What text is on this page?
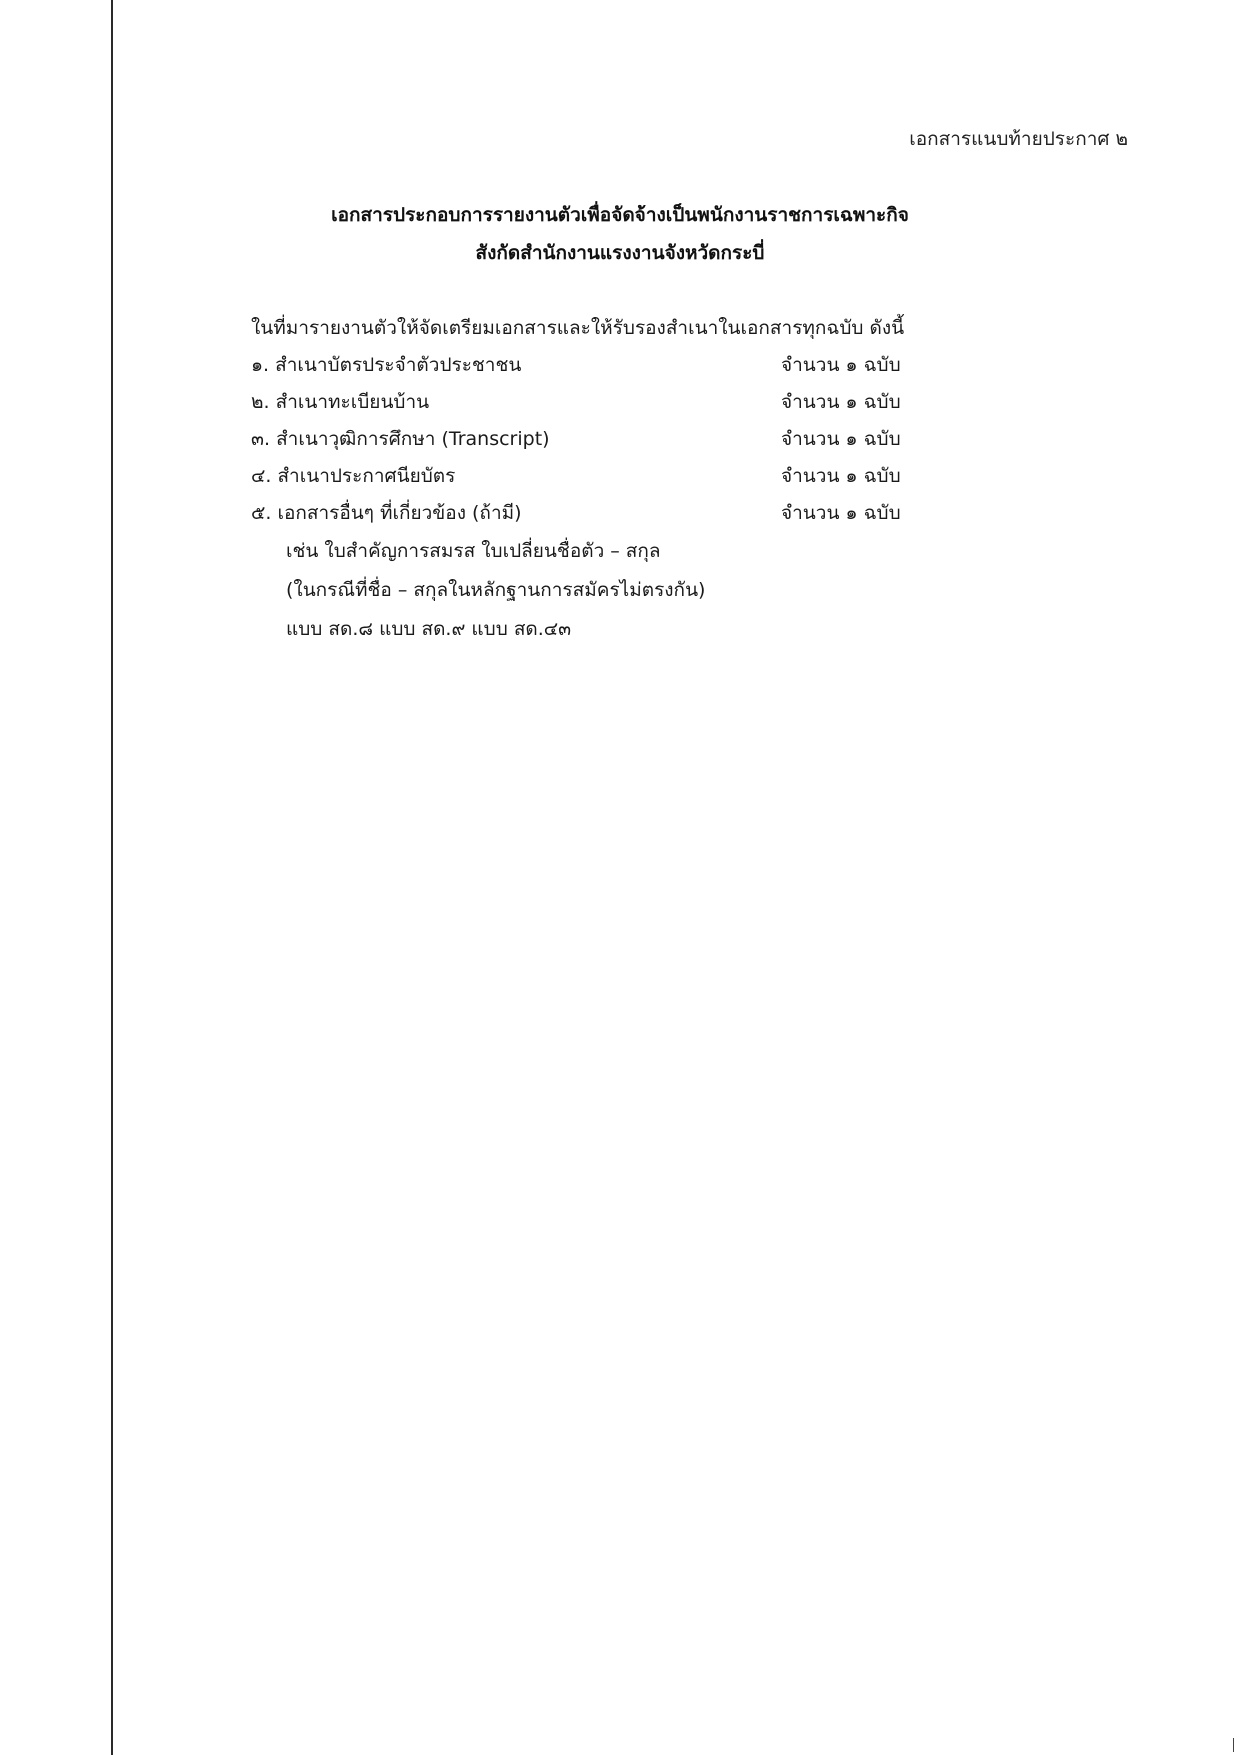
เอกสารแนบท้ายประกาศ ๒
เอกสารประกอบการรายงานตัวเพื่อจัดจ้างเป็นพนักงานราชการเฉพาะกิจ
สังกัดสำนักงานแรงงานจังหวัดกระบี่
ในที่มารายงานตัวให้จัดเตรียมเอกสารและให้รับรองสำเนาในเอกสารทุกฉบับ ดังนี้
๑. สำเนาบัตรประจำตัวประชาชน	จำนวน ๑ ฉบับ
๒. สำเนาทะเบียนบ้าน	จำนวน ๑ ฉบับ
๓. สำเนาวุฒิการศึกษา (Transcript)	จำนวน ๑ ฉบับ
๔. สำเนาประกาศนียบัตร	จำนวน ๑ ฉบับ
๕. เอกสารอื่นๆ ที่เกี่ยวข้อง (ถ้ามี)	จำนวน ๑ ฉบับ
เช่น ใบสำคัญการสมรส ใบเปลี่ยนชื่อตัว – สกุล
(ในกรณีที่ชื่อ – สกุลในหลักฐานการสมัครไม่ตรงกัน)
แบบ สด.๘ แบบ สด.๙ แบบ สด.๔๓
